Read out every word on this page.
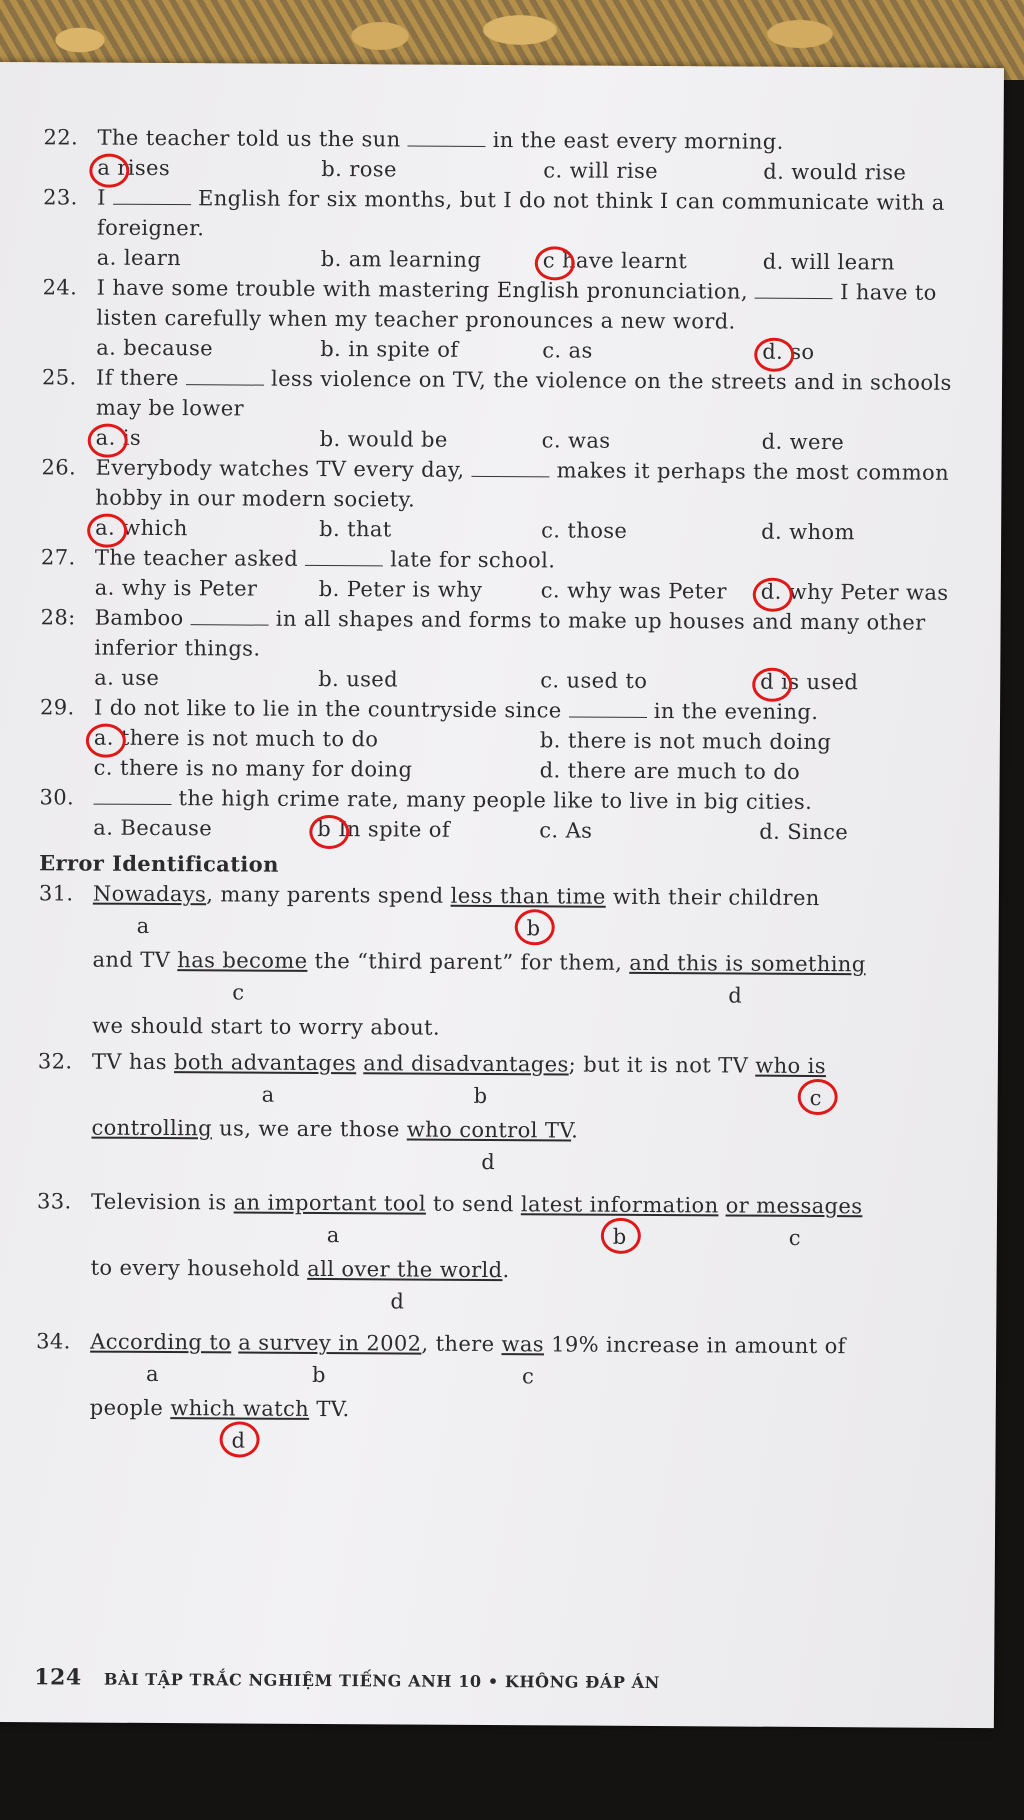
22. The teacher told us the sun	in the east every morning.
a rises	b. rose	c. will rise	d. would rise
23. I	English for six months, but I do not think I can communicate with a foreigner.
a. learn	b. am learning	c have learnt	d. will learn
24. I have some trouble with mastering English pronunciation,	I have to listen carefully when my teacher pronounces a new word.
a. because	b. in spite of	c. as	d. so
25. If there	less violence on TV, the violence on the streets and in schools may be lower
a. is	b. would be	c. was	d. were
26. Everybody watches TV every day,	makes it perhaps the most common hobby in our modern society.
a. which	b. that	c. those	d. whom
27. The teacher asked	late for school.
a. why is Peter	b. Peter is why	c. why was Peter d. why Peter was
28: Bamboo	in all shapes and forms to make up houses and many other inferior things.
a. use	b. used	c. used to	d is used
29. I do not like to lie in the countryside since	in the evening.
a. there is not much to do	b. there is not much doing
c. there is no many for doing	d. there are much to do
30.	the high crime rate, many people like to live in big cities.
a. Because	b In spite of	c. As	d. Since
Error Identification
31. Nowadays, many parents spend less than time with their children
a	b
and TV has become the “third parent” for them, and this is something
c	d
we should start to worry about.
32. TV has both advantages and disadvantages; but it is not TV who is
a	b	c
controlling us, we are those who control TV.
d
33. Television is an important tool to send latest information or messages
a	b	c
to every household all over the world.
d
34. According to a survey in 2002, there was 19% increase in amount of
a	b	c
people which watch TV.
d
124 BÀI TẬP TRẮC NGHIỆM TIẾNG ANH 10 • KHÔNG ĐÁP ÁN
